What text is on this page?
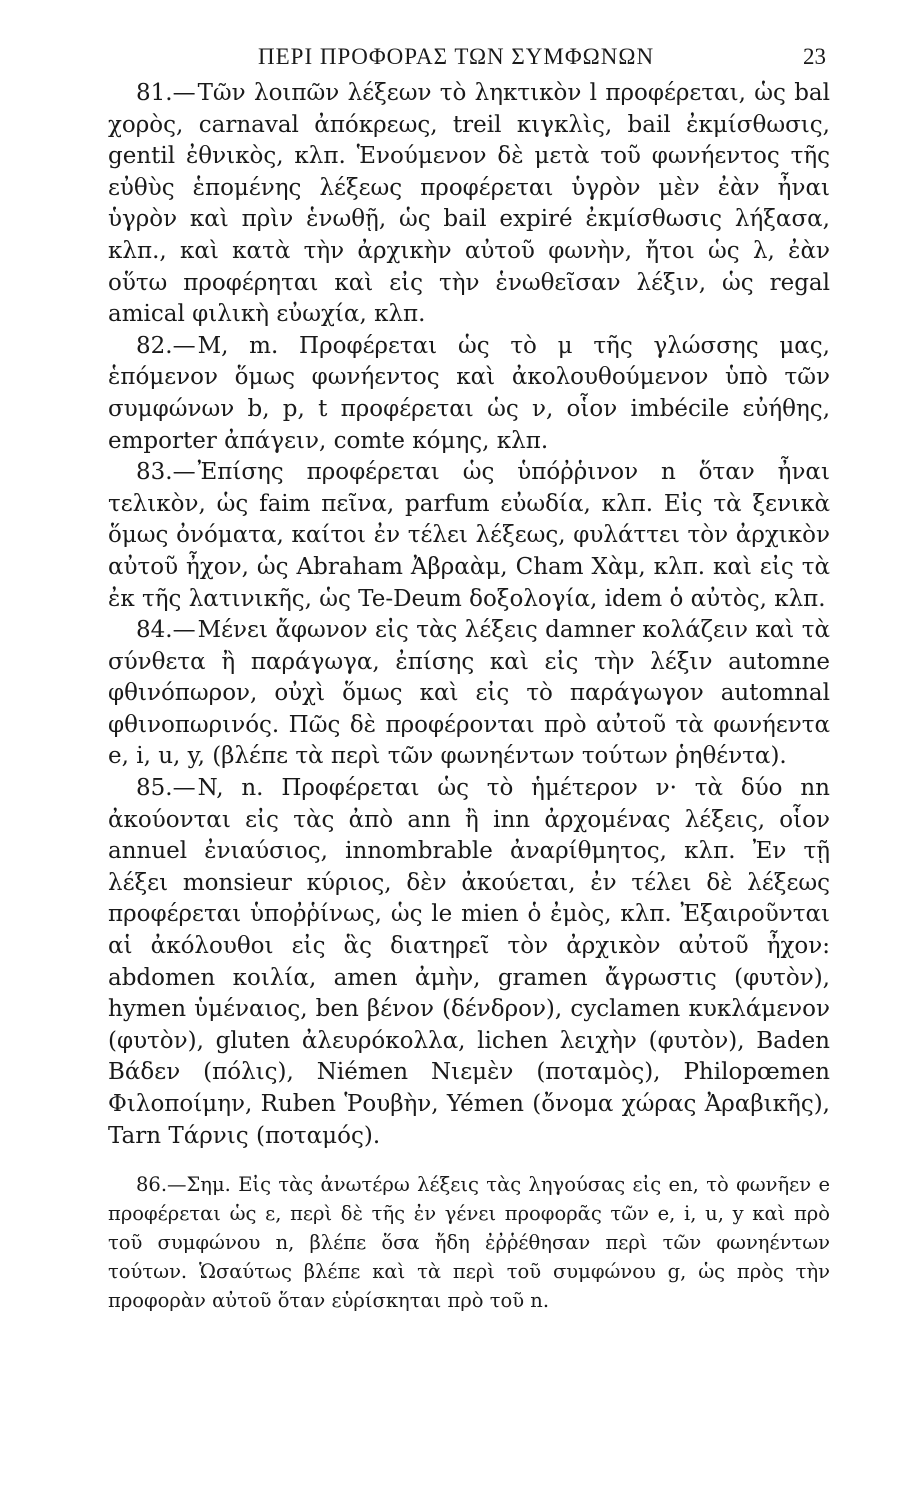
ΠΕΡΙ ΠΡΟΦΟΡΑΣ ΤΩΝ ΣΥΜΦΩΝΩΝ	23

81.—Τῶν λοιπῶν λέξεων τὸ ληκτικὸν l προφέρεται, ὡς bal χορὸς, carnaval ἀπόκρεως, treil κιγκλὶς, bail ἐκμίσθωσις, gentil ἐθνικὸς, κλπ. Ἑνούμενον δὲ μετὰ τοῦ φωνήεντος τῆς εὐθὺς ἑπομένης λέξεως προφέρεται ὑγρὸν μὲν ἐὰν ἦναι ὑγρὸν καὶ πρὶν ἑνωθῇ, ὡς bail expiré ἐκμίσθωσις λήξασα, κλπ., καὶ κατὰ τὴν ἀρχικὴν αὐτοῦ φωνὴν, ἤτοι ὡς λ, ἐὰν οὕτω προφέρηται καὶ εἰς τὴν ἑνωθεῖσαν λέξιν, ὡς regal amical φιλικὴ εὐωχία, κλπ.

82.—M, m. Προφέρεται ὡς τὸ μ τῆς γλώσσης μας, ἑπόμενον ὅμως φωνήεντος καὶ ἀκολουθούμενον ὑπὸ τῶν συμφώνων b, p, t προφέρεται ὡς ν, οἷον imbécile εὐήθης, emporter ἀπάγειν, comte κόμης, κλπ.

83.—Ἐπίσης προφέρεται ὡς ὑπόῤῥινον n ὅταν ἦναι τελικὸν, ὡς faim πεῖνα, parfum εὐωδία, κλπ. Εἰς τὰ ξενικὰ ὅμως ὀνόματα, καίτοι ἐν τέλει λέξεως, φυλάττει τὸν ἀρχικὸν αὐτοῦ ἦχον, ὡς Abraham Ἀβραὰμ, Cham Χὰμ, κλπ. καὶ εἰς τὰ ἐκ τῆς λατινικῆς, ὡς Te-Deum δοξολογία, idem ὁ αὐτὸς, κλπ.

84.—Μένει ἄφωνον εἰς τὰς λέξεις damner κολάζειν καὶ τὰ σύνθετα ἢ παράγωγα, ἐπίσης καὶ εἰς τὴν λέξιν automne φθινόπωρον, οὐχὶ ὅμως καὶ εἰς τὸ παράγωγον automnal φθινοπωρινός. Πῶς δὲ προφέρονται πρὸ αὐτοῦ τὰ φωνήεντα e, i, u, y, (βλέπε τὰ περὶ τῶν φωνηέντων τούτων ῥηθέντα).

85.—N, n. Προφέρεται ὡς τὸ ἡμέτερον ν· τὰ δύο nn ἀκούονται εἰς τὰς ἀπὸ ann ἢ inn ἀρχομένας λέξεις, οἷον annuel ἐνιαύσιος, innombrable ἀναρίθμητος, κλπ. Ἐν τῇ λέξει monsieur κύριος, δὲν ἀκούεται, ἐν τέλει δὲ λέξεως προφέρεται ὑποῤῥίνως, ὡς le mien ὁ ἐμὸς, κλπ. Ἐξαιροῦνται αἱ ἀκόλουθοι εἰς ἃς διατηρεῖ τὸν ἀρχικὸν αὐτοῦ ἦχον: abdomen κοιλία, amen ἀμὴν, gramen ἄγρωστις (φυτὸν), hymen ὑμέναιος, ben βένον (δένδρον), cyclamen κυκλάμενον (φυτὸν), gluten ἀλευρόκολλα, lichen λειχὴν (φυτὸν), Baden Βάδεν (πόλις), Niémen Νιεμὲν (ποταμὸς), Philopœmen Φιλοποίμην, Ruben Ῥουβὴν, Yémen (ὄνομα χώρας Ἀραβικῆς), Tarn Τάρνις (ποταμός).

86.—Σημ. Εἰς τὰς ἀνωτέρω λέξεις τὰς ληγούσας εἰς en, τὸ φωνῆεν e προφέρεται ὡς ε, περὶ δὲ τῆς ἐν γένει προφορᾶς τῶν e, i, u, y καὶ πρὸ τοῦ συμφώνου n, βλέπε ὅσα ἤδη ἐῤῥέθησαν περὶ τῶν φωνηέντων τούτων. Ὡσαύτως βλέπε καὶ τὰ περὶ τοῦ συμφώνου g, ὡς πρὸς τὴν προφορὰν αὐτοῦ ὅταν εὑρίσκηται πρὸ τοῦ n.
